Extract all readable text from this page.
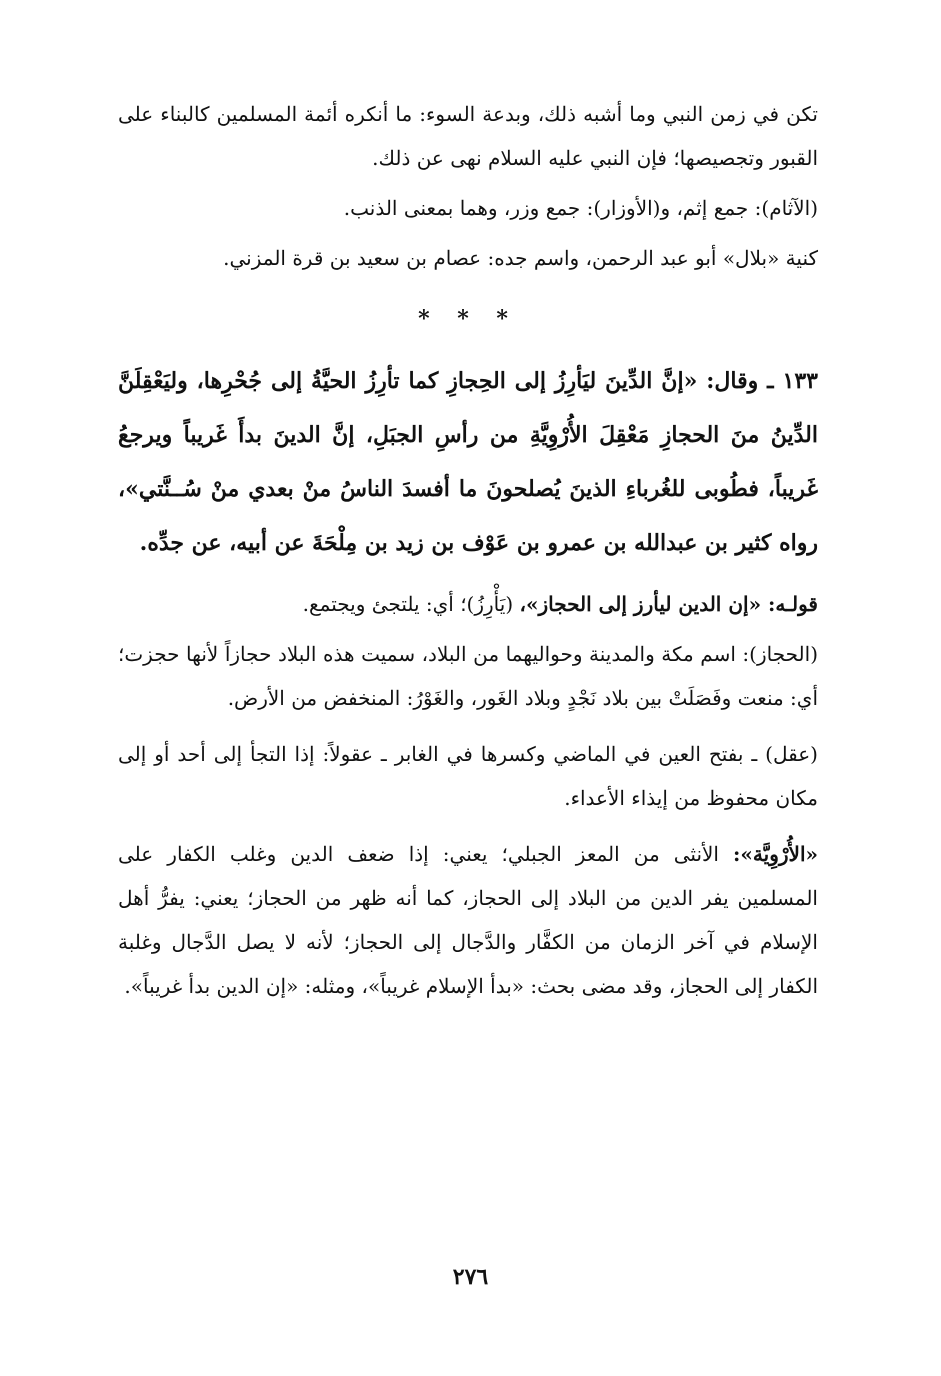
تكن في زمن النبي وما أشبه ذلك، وبدعة السوء: ما أنكره أئمة المسلمين كالبناء على القبور وتجصيصها؛ فإن النبي عليه السلام نهى عن ذلك.

(الآثام): جمع إثم، و(الأوزار): جمع وزر، وهما بمعنى الذنب.

كنية «بلال» أبو عبد الرحمن، واسم جده: عصام بن سعيد بن قرة المزني.

* * *

١٣٣ ـ وقال: «إنَّ الدِّينَ ليَأرِزُ إلى الحِجازِ كما تأرِزُ الحيَّةُ إلى جُحْرِها، وليَعْقِلَنَّ الدِّينُ منَ الحجازِ مَعْقِلَ الأُرْوِيَّةِ من رأسِ الجبَلِ، إنَّ الدينَ بدأَ غَريباً ويرجعُ غَريباً، فطُوبى للغُرباءِ الذينَ يُصلحونَ ما أفسدَ الناسُ منْ بعدي منْ سُــنَّتي»، رواه كثير بن عبدالله بن عمرو بن عَوْف بن زيد بن مِلْحَةَ عن أبيه، عن جدِّه.

قولـه: «إن الدين ليأرز إلى الحجاز»، (يَأْرِزُ)؛ أي: يلتجئ ويجتمع.

(الحجاز): اسم مكة والمدينة وحواليهما من البلاد، سميت هذه البلاد حجازاً لأنها حجزت؛ أي: منعت وفَصَلَتْ بين بلاد نَجْدٍ وبلاد الغَور، والغَوْرُ: المنخفض من الأرض.

(عقل) ـ بفتح العين في الماضي وكسرها في الغابر ـ عقولاً: إذا التجأ إلى أحد أو إلى مكان محفوظ من إيذاء الأعداء.

«الأُرْوِيَّة»: الأنثى من المعز الجبلي؛ يعني: إذا ضعف الدين وغلب الكفار على المسلمين يفر الدين من البلاد إلى الحجاز، كما أنه ظهر من الحجاز؛ يعني: يفرُّ أهل الإسلام في آخر الزمان من الكفَّار والدَّجال إلى الحجاز؛ لأنه لا يصل الدَّجال وغلبة الكفار إلى الحجاز، وقد مضى بحث: «بدأ الإسلام غريباً»، ومثله: «إن الدين بدأ غريباً».

٢٧٦
